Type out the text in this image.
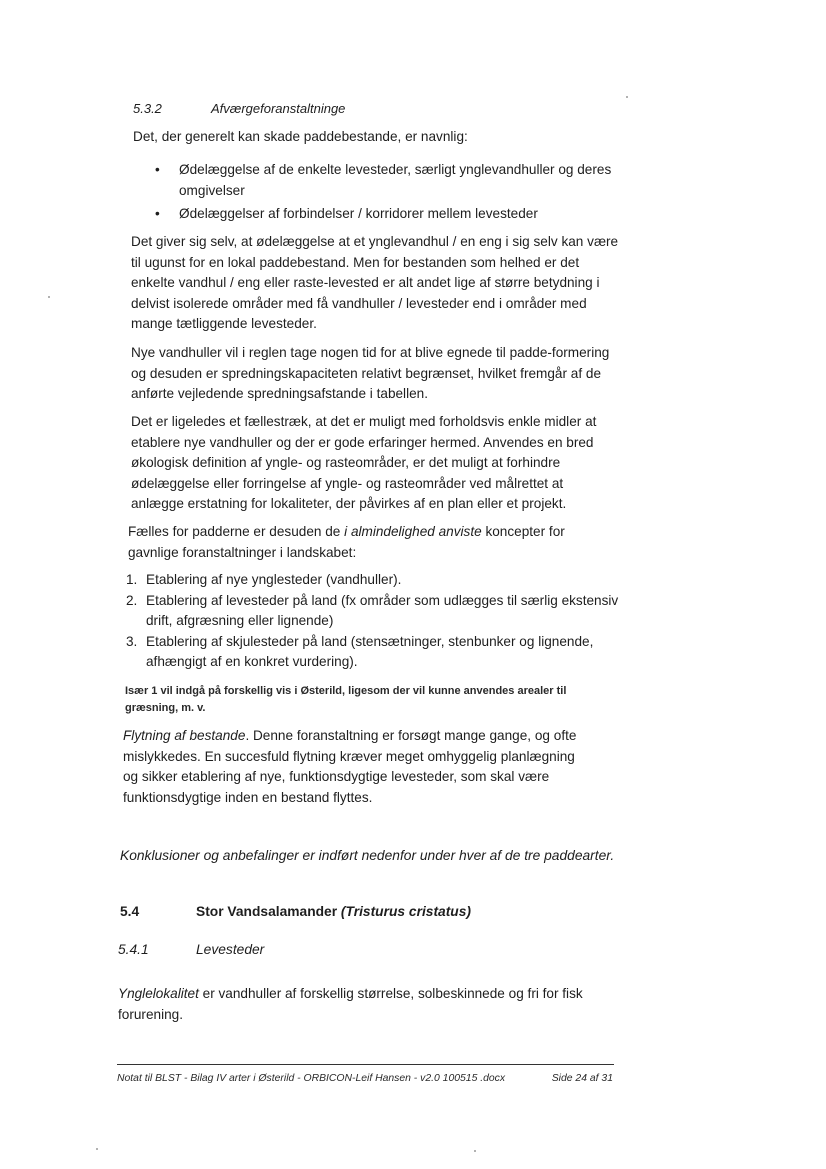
5.3.2	Afværgeforanstaltninge
Det, der generelt kan skade paddebestande, er navnlig:
• Ødelæggelse af de enkelte levesteder, særligt ynglevandhuller og deres omgivelser
• Ødelæggelser af forbindelser / korridorer mellem levesteder
Det giver sig selv, at ødelæggelse at et ynglevandhul / en eng i sig selv kan være til ugunst for en lokal paddebestand. Men for bestanden som helhed er det enkelte vandhul / eng eller raste-levested er alt andet lige af større betydning i delvist isolerede områder med få vandhuller / levesteder end i områder med mange tætliggende levesteder.
Nye vandhuller vil i reglen tage nogen tid for at blive egnede til padde-formering og desuden er spredningskapaciteten relativt begrænset, hvilket fremgår af de anførte vejledende spredningsafstande i tabellen.
Det er ligeledes et fællestræk, at det er muligt med forholdsvis enkle midler at etablere nye vandhuller og der er gode erfaringer hermed. Anvendes en bred økologisk definition af yngle- og rasteområder, er det muligt at forhindre ødelæggelse eller forringelse af yngle- og rasteområder ved målrettet at anlægge erstatning for lokaliteter, der påvirkes af en plan eller et projekt.
Fælles for padderne er desuden de i almindelighed anviste koncepter for gavnlige foranstaltninger i landskabet:
1. Etablering af nye ynglesteder (vandhuller).
2. Etablering af levesteder på land (fx områder som udlægges til særlig ekstensiv drift, afgræsning eller lignende)
3. Etablering af skjulesteder på land (stensætninger, stenbunker og lignende, afhængigt af en konkret vurdering).
Især 1 vil indgå på forskellig vis i Østerild, ligesom der vil kunne anvendes arealer til græsning, m. v.
Flytning af bestande. Denne foranstaltning er forsøgt mange gange, og ofte mislykkedes. En succesfuld flytning kræver meget omhyggelig planlægning og sikker etablering af nye, funktionsdygtige levesteder, som skal være funktionsdygtige inden en bestand flyttes.
Konklusioner og anbefalinger er indført nedenfor under hver af de tre paddearter.
5.4	Stor Vandsalamander (Tristurus cristatus)
5.4.1	Levesteder
Ynglelokalitet er vandhuller af forskellig størrelse, solbeskinnede og fri for fisk forurening.
Notat til BLST - Bilag IV arter i Østerild - ORBICON-Leif Hansen - v2.0 100515 .docx	Side 24 af 31
